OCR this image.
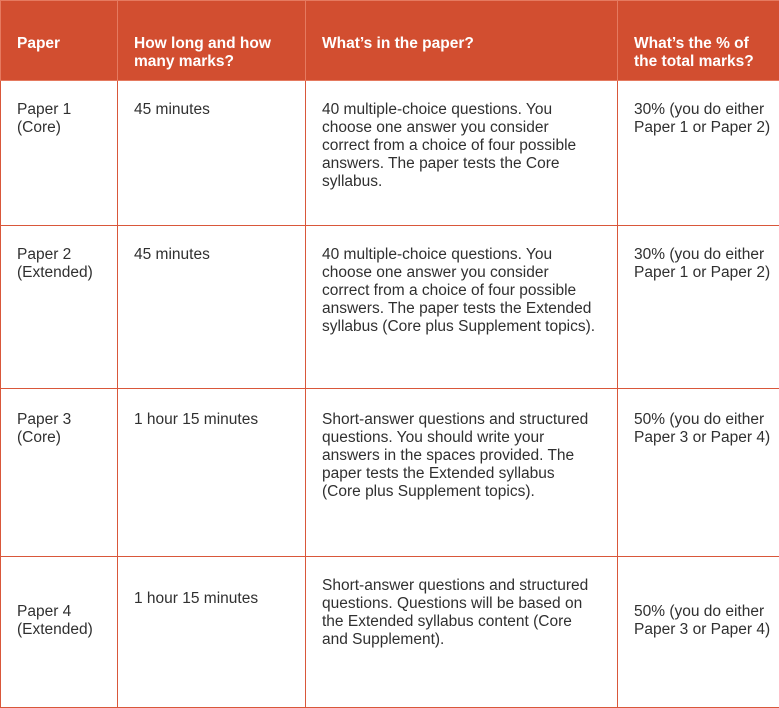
Paper	How long and how
many marks?	What’s in the paper?	What’s the % of
the total marks?

Paper 1
(Core)	45 minutes	40 multiple-choice questions. You
choose one answer you consider
correct from a choice of four possible
answers. The paper tests the Core
syllabus.	30% (you do either
Paper 1 or Paper 2)

Paper 2
(Extended)	45 minutes	40 multiple-choice questions. You
choose one answer you consider
correct from a choice of four possible
answers. The paper tests the Extended
syllabus (Core plus Supplement topics).	30% (you do either
Paper 1 or Paper 2)

Paper 3
(Core)	1 hour 15 minutes	Short-answer questions and structured
questions. You should write your
answers in the spaces provided. The
paper tests the Extended syllabus
(Core plus Supplement topics).	50% (you do either
Paper 3 or Paper 4)

Paper 4
(Extended)	1 hour 15 minutes	Short-answer questions and structured
questions. Questions will be based on
the Extended syllabus content (Core
and Supplement).	50% (you do either
Paper 3 or Paper 4)
